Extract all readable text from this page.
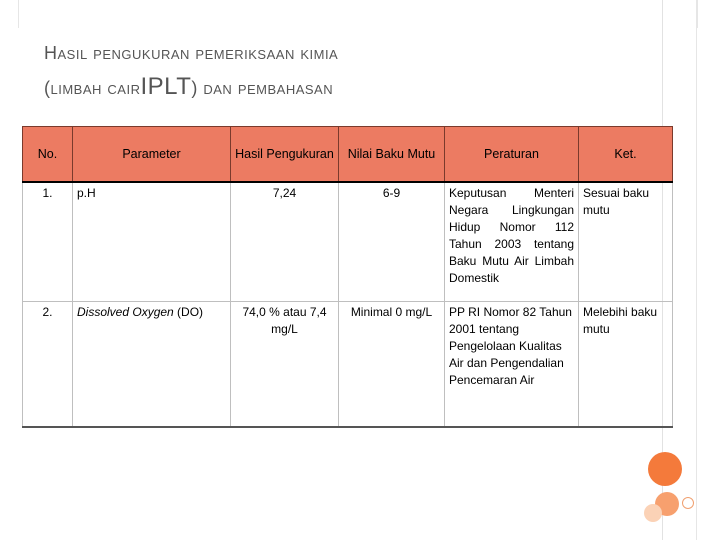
Hasil pengukuran pemeriksaan kimia
(limbah cairIPLT) dan pembahasan
No.	Parameter	Hasil Pengukuran	Nilai Baku Mutu	Peraturan	Ket.
1.	p.H	7,24	6-9	Keputusan Menteri Negara Lingkungan Hidup Nomor 112 Tahun 2003 tentang Baku Mutu Air Limbah Domestik	Sesuai baku mutu
2.	Dissolved Oxygen (DO)	74,0 % atau 7,4 mg/L	Minimal 0 mg/L	PP RI Nomor 82 Tahun 2001 tentang Pengelolaan Kualitas Air dan Pengendalian Pencemaran Air	Melebihi baku mutu
